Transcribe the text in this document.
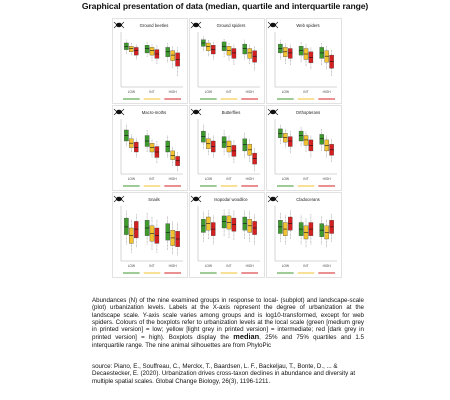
Graphical presentation of data (median, quartile and interquartile range)
Ground beetles
LOW	INT	HIGH
Ground spiders
LOW	INT	HIGH
Web spiders
LOW	INT	HIGH
Macro-moths
LOW	INT	HIGH
Butterflies
LOW	INT	HIGH
Orthopterans
LOW	INT	HIGH
Snails
LOW	INT	HIGH
Isopoda/ woodlice
LOW	INT	HIGH
Cladocerans
LOW	INT	HIGH

Abundances (N) of the nine examined groups in response to local- (subplot) and landscape-scale (plot) urbanization levels. Labels at the X-axis represent the degree of urbanization at the landscape scale. Y-axis scale varies among groups and is log10-transformed, except for web spiders. Colours of the boxplots refer to urbanization levels at the local scale (green [medium grey in printed version] = low; yellow [light grey in printed version] = intermediate; red [dark grey in printed version] = high). Boxplots display the median, 25% and 75% quartiles and 1.5 interquartile range. The nine animal silhouettes are from PhyloPic

source: Piano, E., Souffreau, C., Merckx, T., Baardsen, L. F., Backeljau, T., Bonte, D., ... & Decaestecker, E. (2020). Urbanization drives cross-taxon declines in abundance and diversity at multiple spatial scales. Global Change Biology, 26(3), 1196-1211.
